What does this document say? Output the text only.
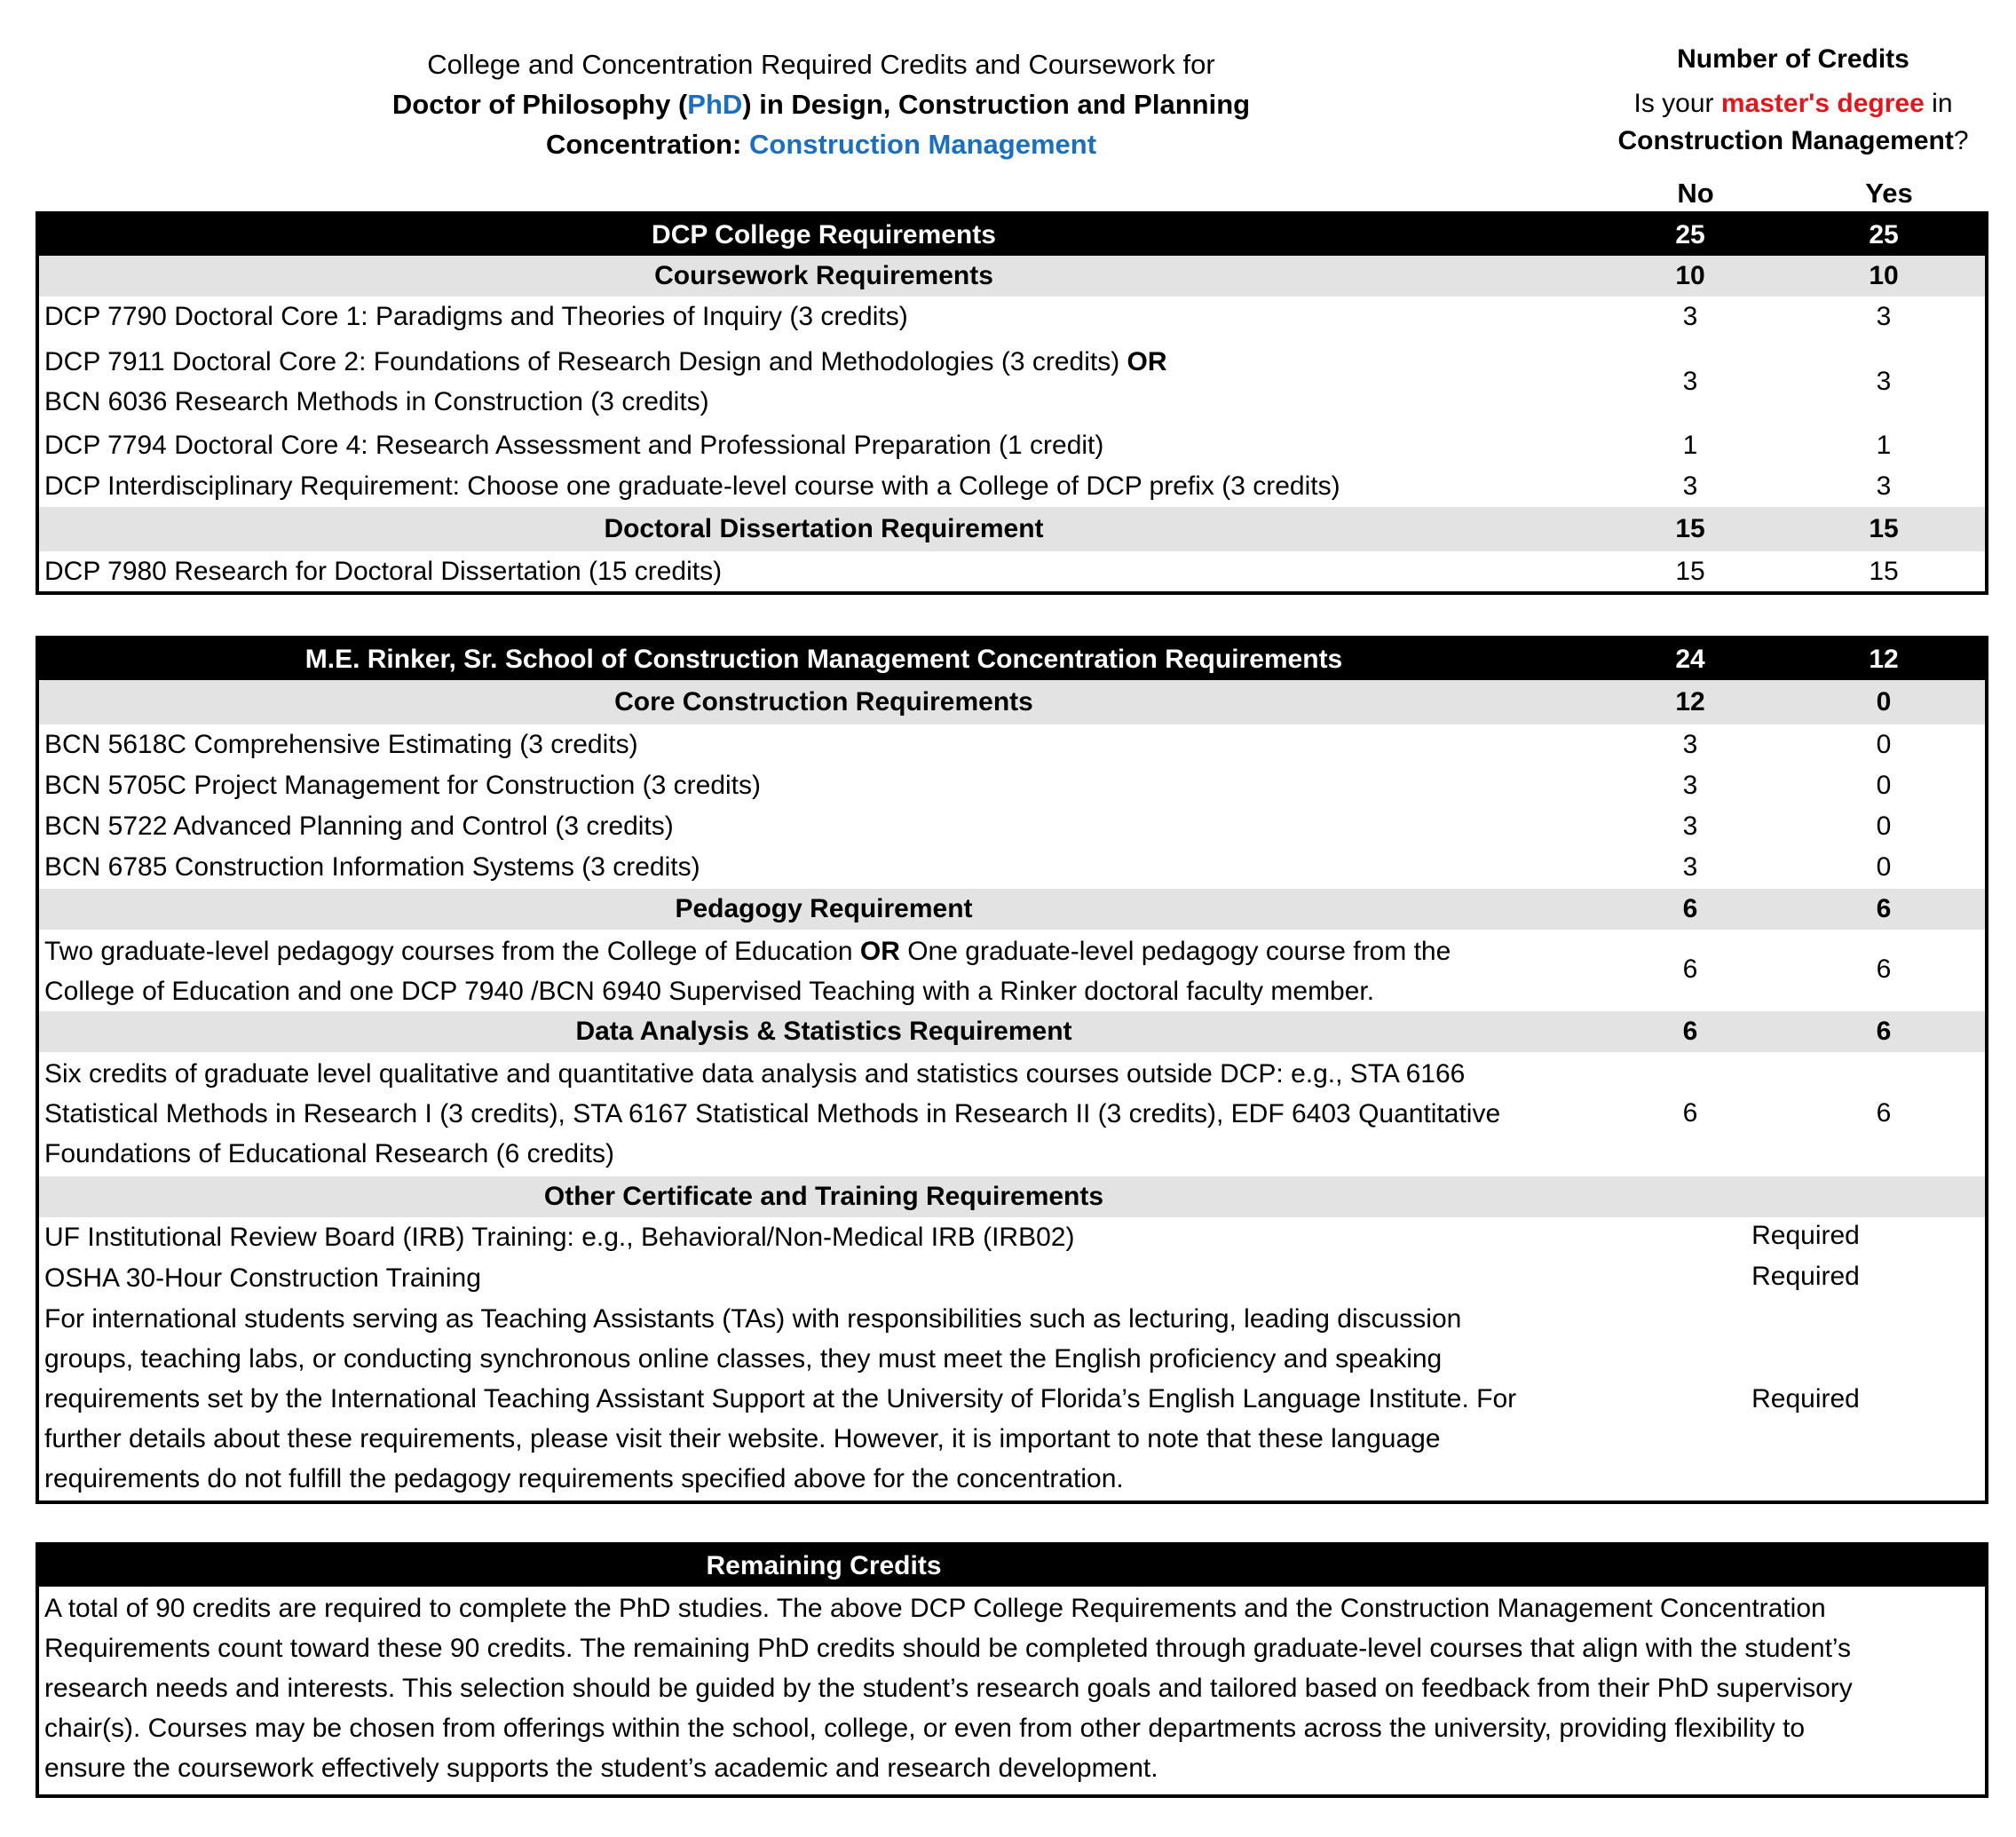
College and Concentration Required Credits and Coursework for
Doctor of Philosophy (PhD) in Design, Construction and Planning
Concentration: Construction Management
Number of Credits
Is your master's degree in
Construction Management?
No	Yes
DCP College Requirements	25	25
Coursework Requirements	10	10
DCP 7790 Doctoral Core 1: Paradigms and Theories of Inquiry (3 credits)	3	3
DCP 7911 Doctoral Core 2: Foundations of Research Design and Methodologies (3 credits) OR
BCN 6036 Research Methods in Construction (3 credits)
3	3
DCP 7794 Doctoral Core 4: Research Assessment and Professional Preparation (1 credit)	1	1
DCP Interdisciplinary Requirement: Choose one graduate-level course with a College of DCP prefix (3 credits)	3	3
Doctoral Dissertation Requirement	15	15
DCP 7980 Research for Doctoral Dissertation (15 credits)	15	15
M.E. Rinker, Sr. School of Construction Management Concentration Requirements	24	12
Core Construction Requirements	12	0
BCN 5618C Comprehensive Estimating (3 credits)	3	0
BCN 5705C Project Management for Construction (3 credits)	3	0
BCN 5722 Advanced Planning and Control (3 credits)	3	0
BCN 6785 Construction Information Systems (3 credits)	3	0
Pedagogy Requirement	6	6
Two graduate-level pedagogy courses from the College of Education OR One graduate-level pedagogy course from the
College of Education and one DCP 7940 /BCN 6940 Supervised Teaching with a Rinker doctoral faculty member.
6	6
Data Analysis & Statistics Requirement	6	6
Six credits of graduate level qualitative and quantitative data analysis and statistics courses outside DCP: e.g., STA 6166
Statistical Methods in Research I (3 credits), STA 6167 Statistical Methods in Research II (3 credits), EDF 6403 Quantitative
Foundations of Educational Research (6 credits)
6	6
Other Certificate and Training Requirements
UF Institutional Review Board (IRB) Training: e.g., Behavioral/Non-Medical IRB (IRB02)	Required
OSHA 30-Hour Construction Training	Required
For international students serving as Teaching Assistants (TAs) with responsibilities such as lecturing, leading discussion
groups, teaching labs, or conducting synchronous online classes, they must meet the English proficiency and speaking
requirements set by the International Teaching Assistant Support at the University of Florida’s English Language Institute. For
further details about these requirements, please visit their website. However, it is important to note that these language
requirements do not fulfill the pedagogy requirements specified above for the concentration.
Required
Remaining Credits
A total of 90 credits are required to complete the PhD studies. The above DCP College Requirements and the Construction Management Concentration
Requirements count toward these 90 credits. The remaining PhD credits should be completed through graduate-level courses that align with the student’s
research needs and interests. This selection should be guided by the student’s research goals and tailored based on feedback from their PhD supervisory
chair(s). Courses may be chosen from offerings within the school, college, or even from other departments across the university, providing flexibility to
ensure the coursework effectively supports the student’s academic and research development.
